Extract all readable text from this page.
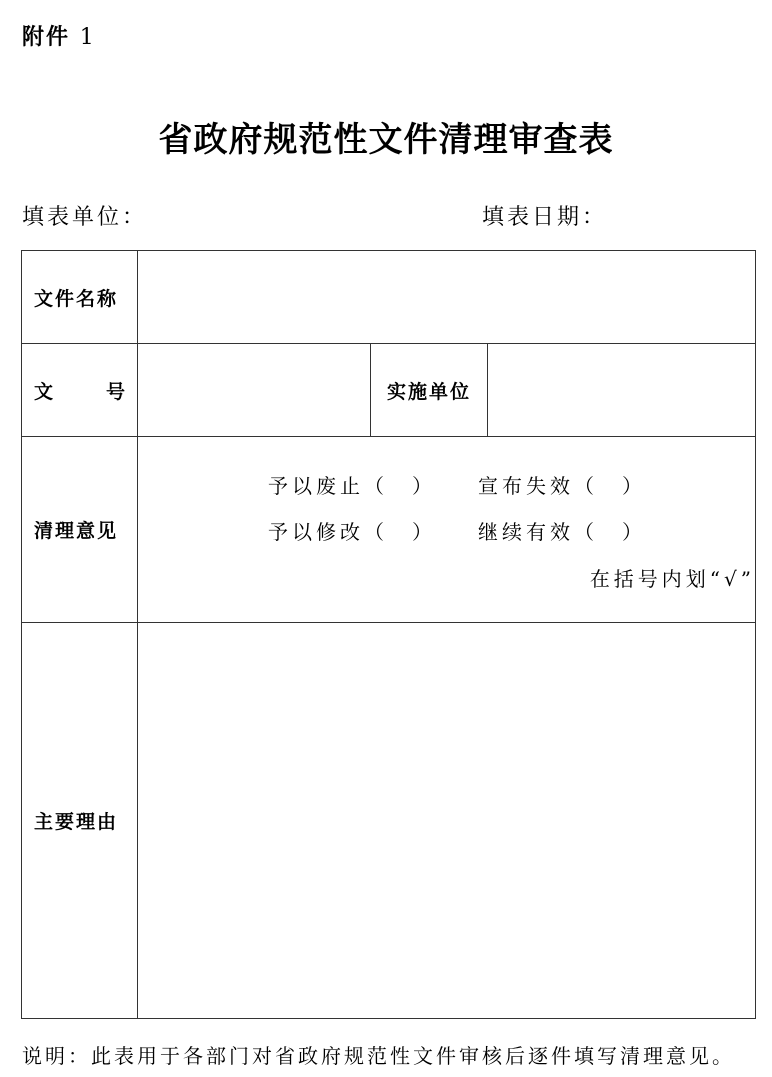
附件 1
省政府规范性文件清理审查表
填表单位：	填表日期：
文件名称			

文 号		实施单位	
清理意见	予以废止（　） 宣布失效（　）
予以修改（　） 继续有效（　）
在括号内划“√”		

主要理由			
说明：此表用于各部门对省政府规范性文件审核后逐件填写清理意见。
